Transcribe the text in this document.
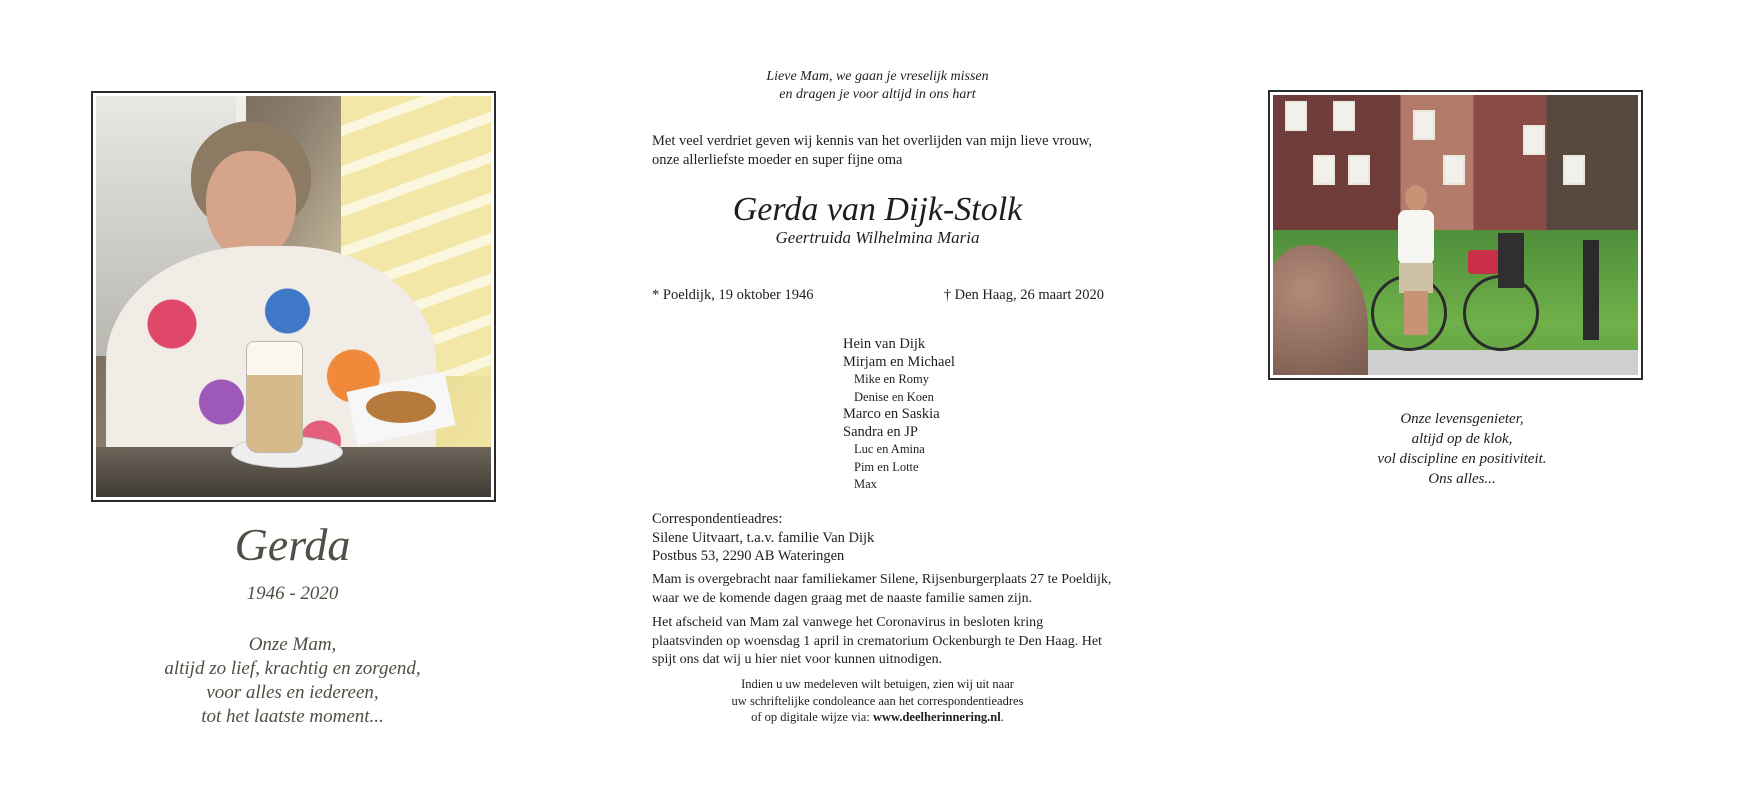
Gerda
1946 - 2020
Onze Mam,
altijd zo lief, krachtig en zorgend,
voor alles en iedereen,
tot het laatste moment...
Lieve Mam, we gaan je vreselijk missen
en dragen je voor altijd in ons hart
Met veel verdriet geven wij kennis van het overlijden van mijn lieve vrouw, onze allerliefste moeder en super fijne oma
Gerda van Dijk-Stolk
Geertruida Wilhelmina Maria
* Poeldijk, 19 oktober 1946	† Den Haag, 26 maart 2020
Hein van Dijk
Mirjam en Michael
Mike en Romy
Denise en Koen
Marco en Saskia
Sandra en JP
Luc en Amina
Pim en Lotte
Max
Correspondentieadres:
Silene Uitvaart, t.a.v. familie Van Dijk
Postbus 53, 2290 AB Wateringen
Mam is overgebracht naar familiekamer Silene, Rijsenburgerplaats 27 te Poeldijk, waar we de komende dagen graag met de naaste familie samen zijn.
Het afscheid van Mam zal vanwege het Coronavirus in besloten kring plaatsvinden op woensdag 1 april in crematorium Ockenburgh te Den Haag. Het spijt ons dat wij u hier niet voor kunnen uitnodigen.
Indien u uw medeleven wilt betuigen, zien wij uit naar
uw schriftelijke condoleance aan het correspondentieadres
of op digitale wijze via: www.deelherinnering.nl.
Onze levensgenieter,
altijd op de klok,
vol discipline en positiviteit.
Ons alles...
